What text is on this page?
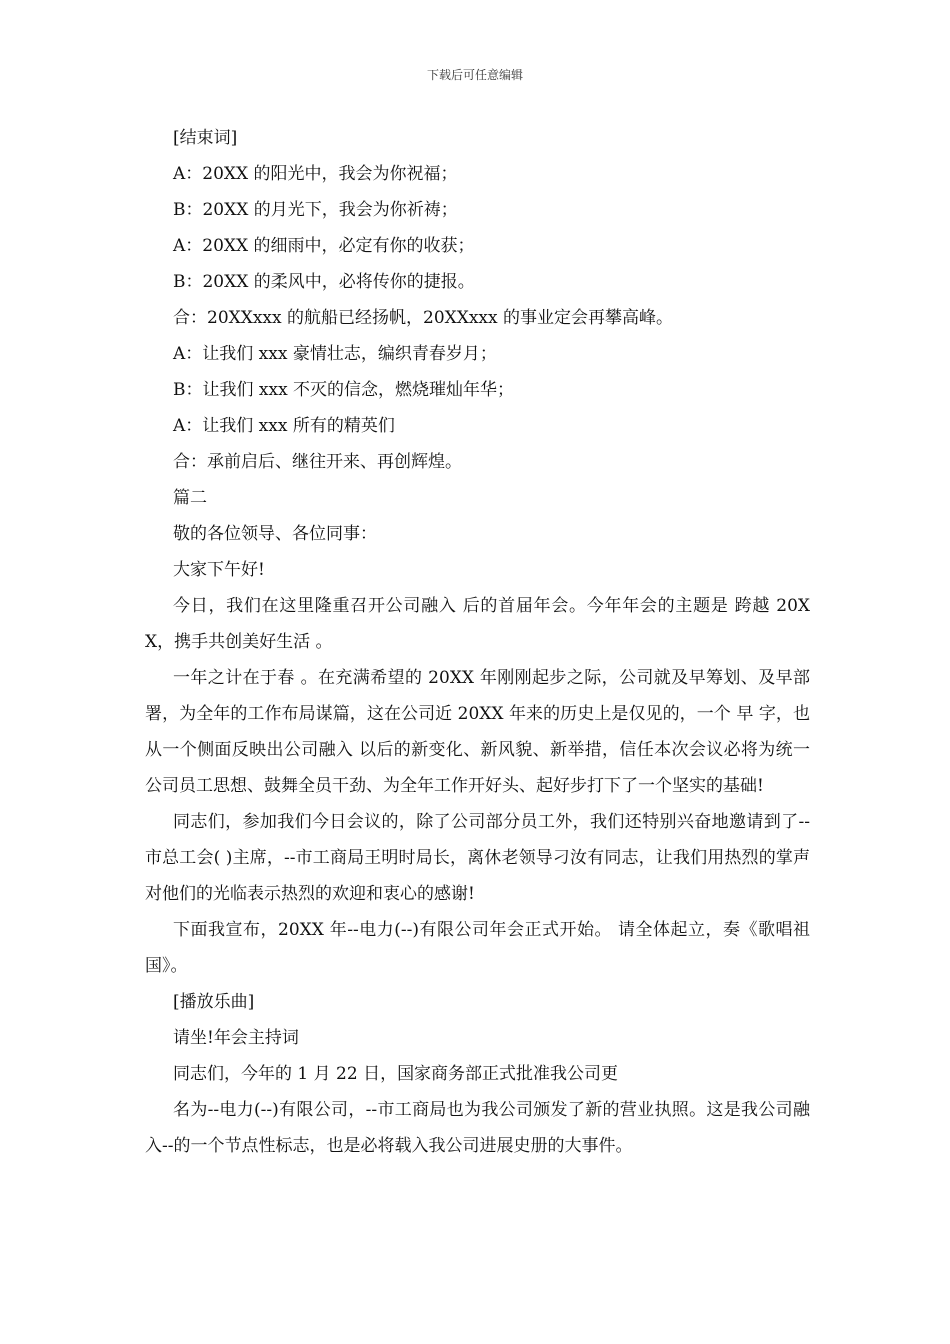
下载后可任意编辑

[结束词]

A：20XX 的阳光中，我会为你祝福；

B：20XX 的月光下，我会为你祈祷；

A：20XX 的细雨中，必定有你的收获；

B：20XX 的柔风中，必将传你的捷报。

合：20XXxxx 的航船已经扬帆，20XXxxx 的事业定会再攀高峰。

A：让我们 xxx 豪情壮志，编织青春岁月；

B：让我们 xxx 不灭的信念，燃烧璀灿年华；

A：让我们 xxx 所有的精英们

合：承前启后、继往开来、再创辉煌。

篇二

敬的各位领导、各位同事：

大家下午好!

今日，我们在这里隆重召开公司融入 后的首届年会。今年年会的主题是 跨越 20XX，携手共创美好生活 。

一年之计在于春 。在充满希望的 20XX 年刚刚起步之际，公司就及早筹划、及早部署，为全年的工作布局谋篇，这在公司近 20XX 年来的历史上是仅见的，一个 早 字，也从一个侧面反映出公司融入 以后的新变化、新风貌、新举措，信任本次会议必将为统一公司员工思想、鼓舞全员干劲、为全年工作开好头、起好步打下了一个坚实的基础!

同志们，参加我们今日会议的，除了公司部分员工外，我们还特别兴奋地邀请到了--市总工会( )主席，--市工商局王明时局长，离休老领导刁汝有同志，让我们用热烈的掌声对他们的光临表示热烈的欢迎和衷心的感谢!

下面我宣布，20XX 年--电力(--)有限公司年会正式开始。 请全体起立，奏《歌唱祖国》。

[播放乐曲]

请坐!年会主持词

同志们，今年的 1 月 22 日，国家商务部正式批准我公司更

名为--电力(--)有限公司，--市工商局也为我公司颁发了新的营业执照。这是我公司融入--的一个节点性标志，也是必将载入我公司进展史册的大事件。
